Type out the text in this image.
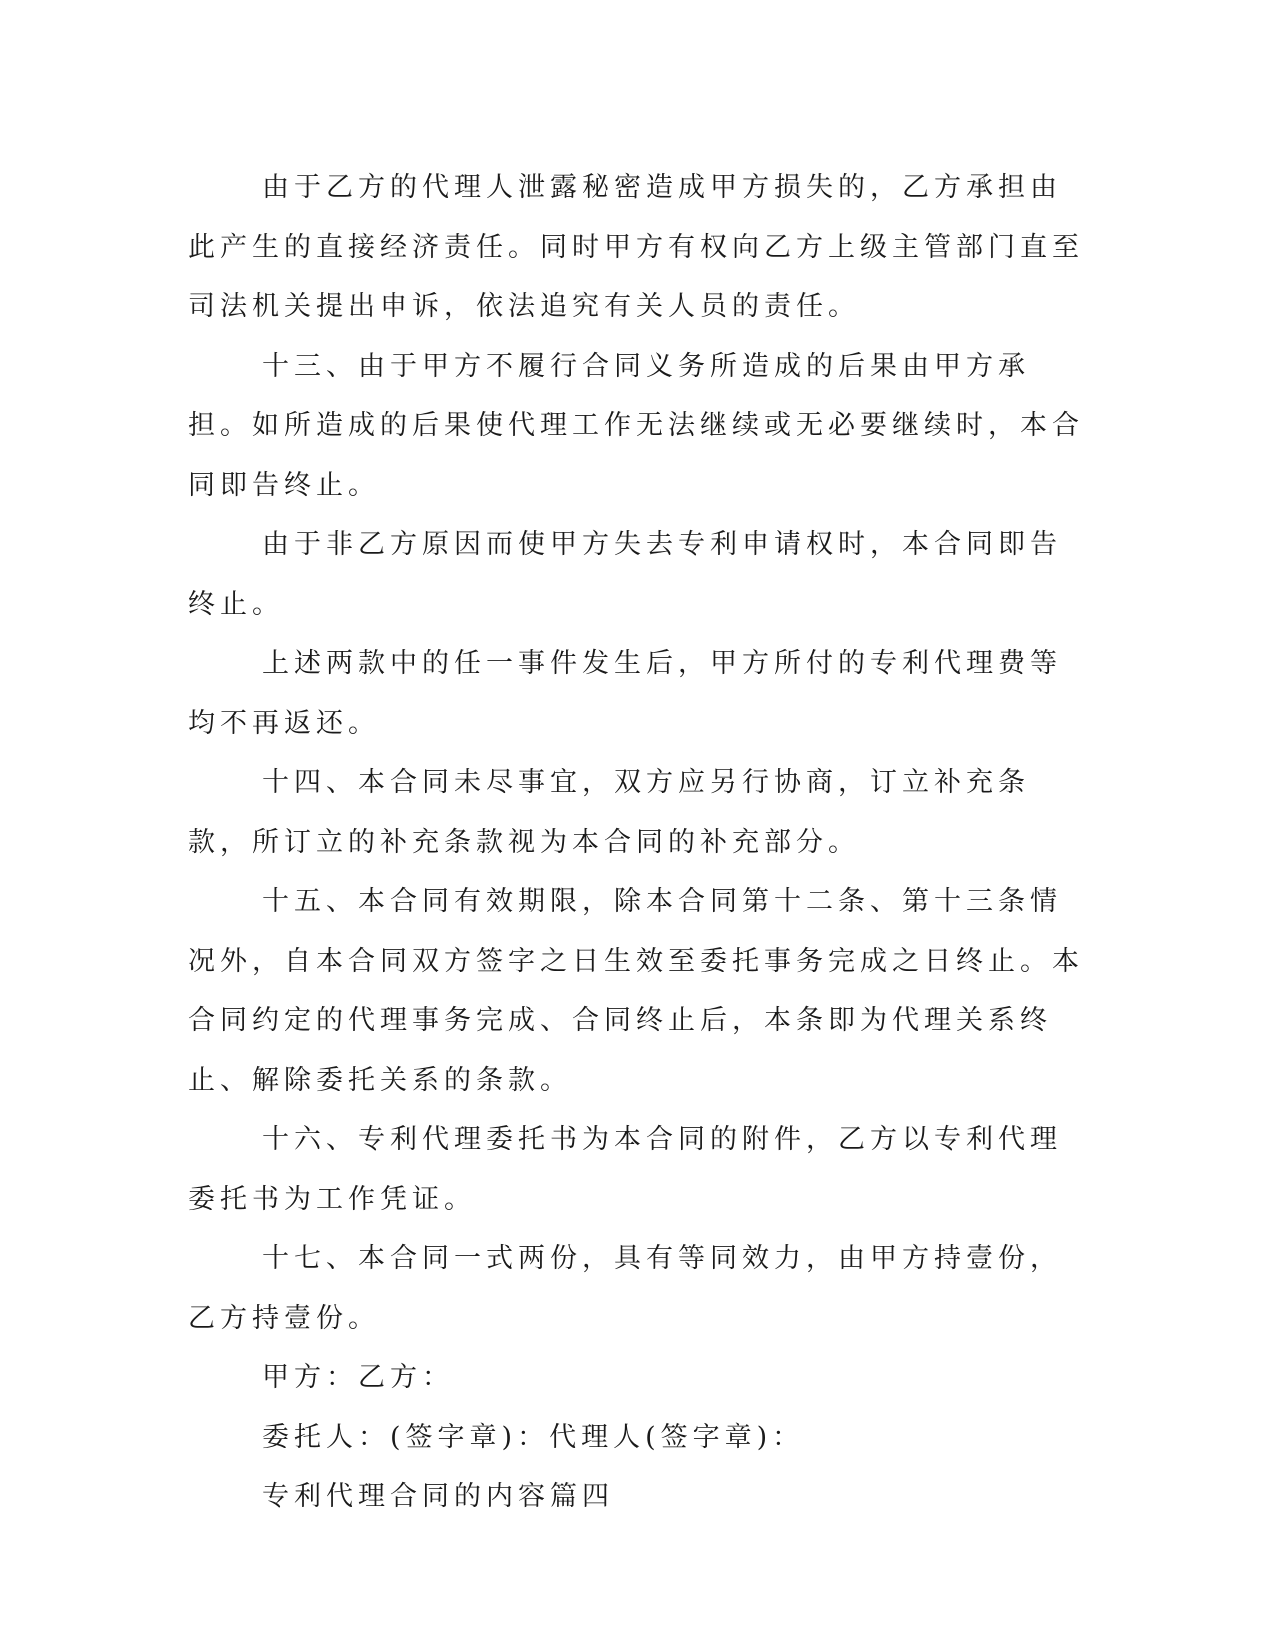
由于乙方的代理人泄露秘密造成甲方损失的，乙方承担由此产生的直接经济责任。同时甲方有权向乙方上级主管部门直至司法机关提出申诉，依法追究有关人员的责任。

十三、由于甲方不履行合同义务所造成的后果由甲方承担。如所造成的后果使代理工作无法继续或无必要继续时，本合同即告终止。

由于非乙方原因而使甲方失去专利申请权时，本合同即告终止。

上述两款中的任一事件发生后，甲方所付的专利代理费等均不再返还。

十四、本合同未尽事宜，双方应另行协商，订立补充条款，所订立的补充条款视为本合同的补充部分。

十五、本合同有效期限，除本合同第十二条、第十三条情况外，自本合同双方签字之日生效至委托事务完成之日终止。本合同约定的代理事务完成、合同终止后，本条即为代理关系终止、解除委托关系的条款。

十六、专利代理委托书为本合同的附件，乙方以专利代理委托书为工作凭证。

十七、本合同一式两份，具有等同效力，由甲方持壹份，乙方持壹份。

甲方：乙方：

委托人：(签字章)：代理人(签字章)：

专利代理合同的内容篇四
